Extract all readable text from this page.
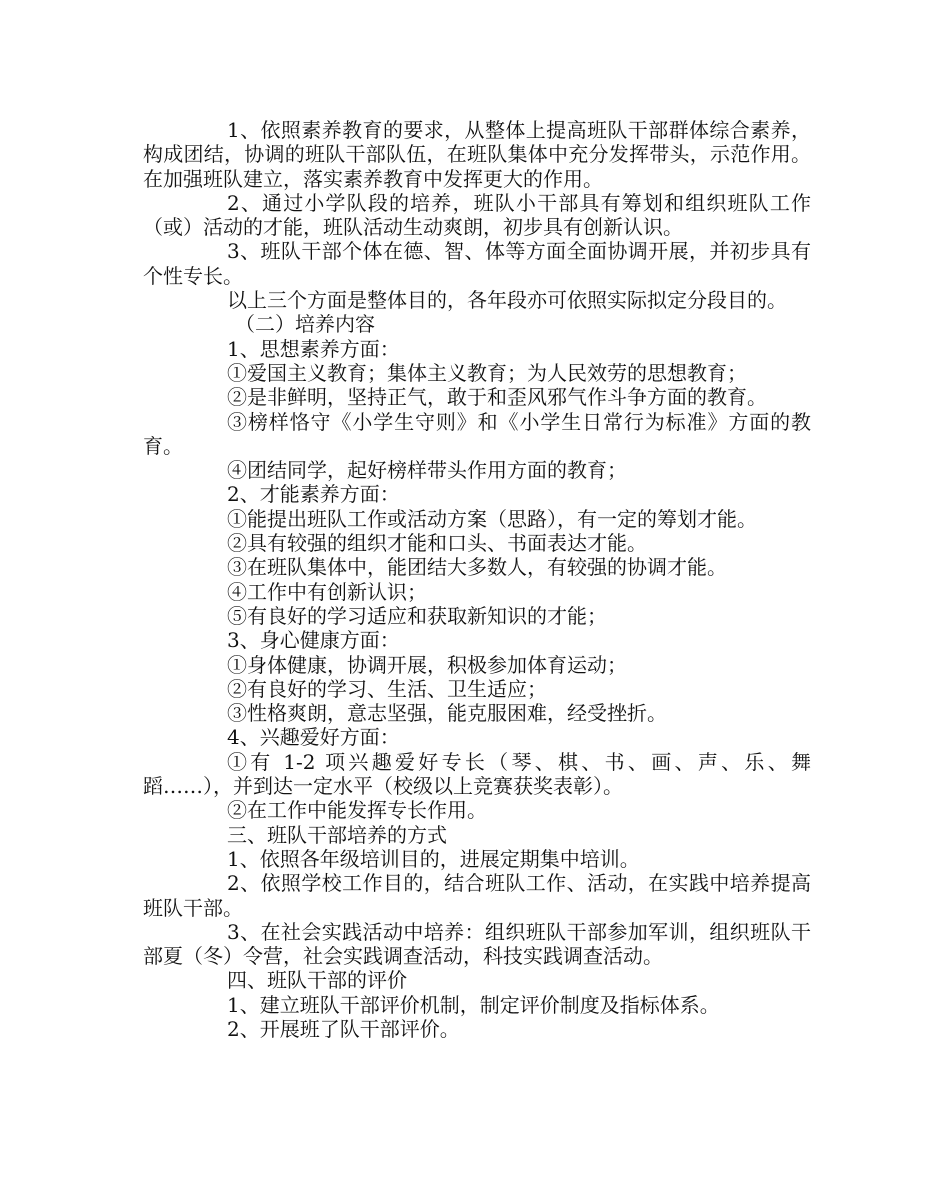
1、依照素养教育的要求，从整体上提高班队干部群体综合素养，构成团结，协调的班队干部队伍，在班队集体中充分发挥带头，示范作用。在加强班队建立，落实素养教育中发挥更大的作用。

2、通过小学队段的培养，班队小干部具有筹划和组织班队工作（或）活动的才能，班队活动生动爽朗，初步具有创新认识。

3、班队干部个体在德、智、体等方面全面协调开展，并初步具有个性专长。

以上三个方面是整体目的，各年段亦可依照实际拟定分段目的。

（二）培养内容

1、思想素养方面：

①爱国主义教育；集体主义教育；为人民效劳的思想教育；

②是非鲜明，坚持正气，敢于和歪风邪气作斗争方面的教育。

③榜样恪守《小学生守则》和《小学生日常行为标准》方面的教育。

④团结同学，起好榜样带头作用方面的教育；

2、才能素养方面：

①能提出班队工作或活动方案（思路），有一定的筹划才能。

②具有较强的组织才能和口头、书面表达才能。

③在班队集体中，能团结大多数人，有较强的协调才能。

④工作中有创新认识；

⑤有良好的学习适应和获取新知识的才能；

3、身心健康方面：

①身体健康，协调开展，积极参加体育运动；

②有良好的学习、生活、卫生适应；

③性格爽朗，意志坚强，能克服困难，经受挫折。

4、兴趣爱好方面：

①有 1-2 项兴趣爱好专长（琴、棋、书、画、声、乐、舞蹈……），并到达一定水平（校级以上竞赛获奖表彰）。

②在工作中能发挥专长作用。

三、班队干部培养的方式

1、依照各年级培训目的，进展定期集中培训。

2、依照学校工作目的，结合班队工作、活动，在实践中培养提高班队干部。

3、在社会实践活动中培养：组织班队干部参加军训，组织班队干部夏（冬）令营，社会实践调查活动，科技实践调查活动。

四、班队干部的评价

1、建立班队干部评价机制，制定评价制度及指标体系。

2、开展班了队干部评价。
